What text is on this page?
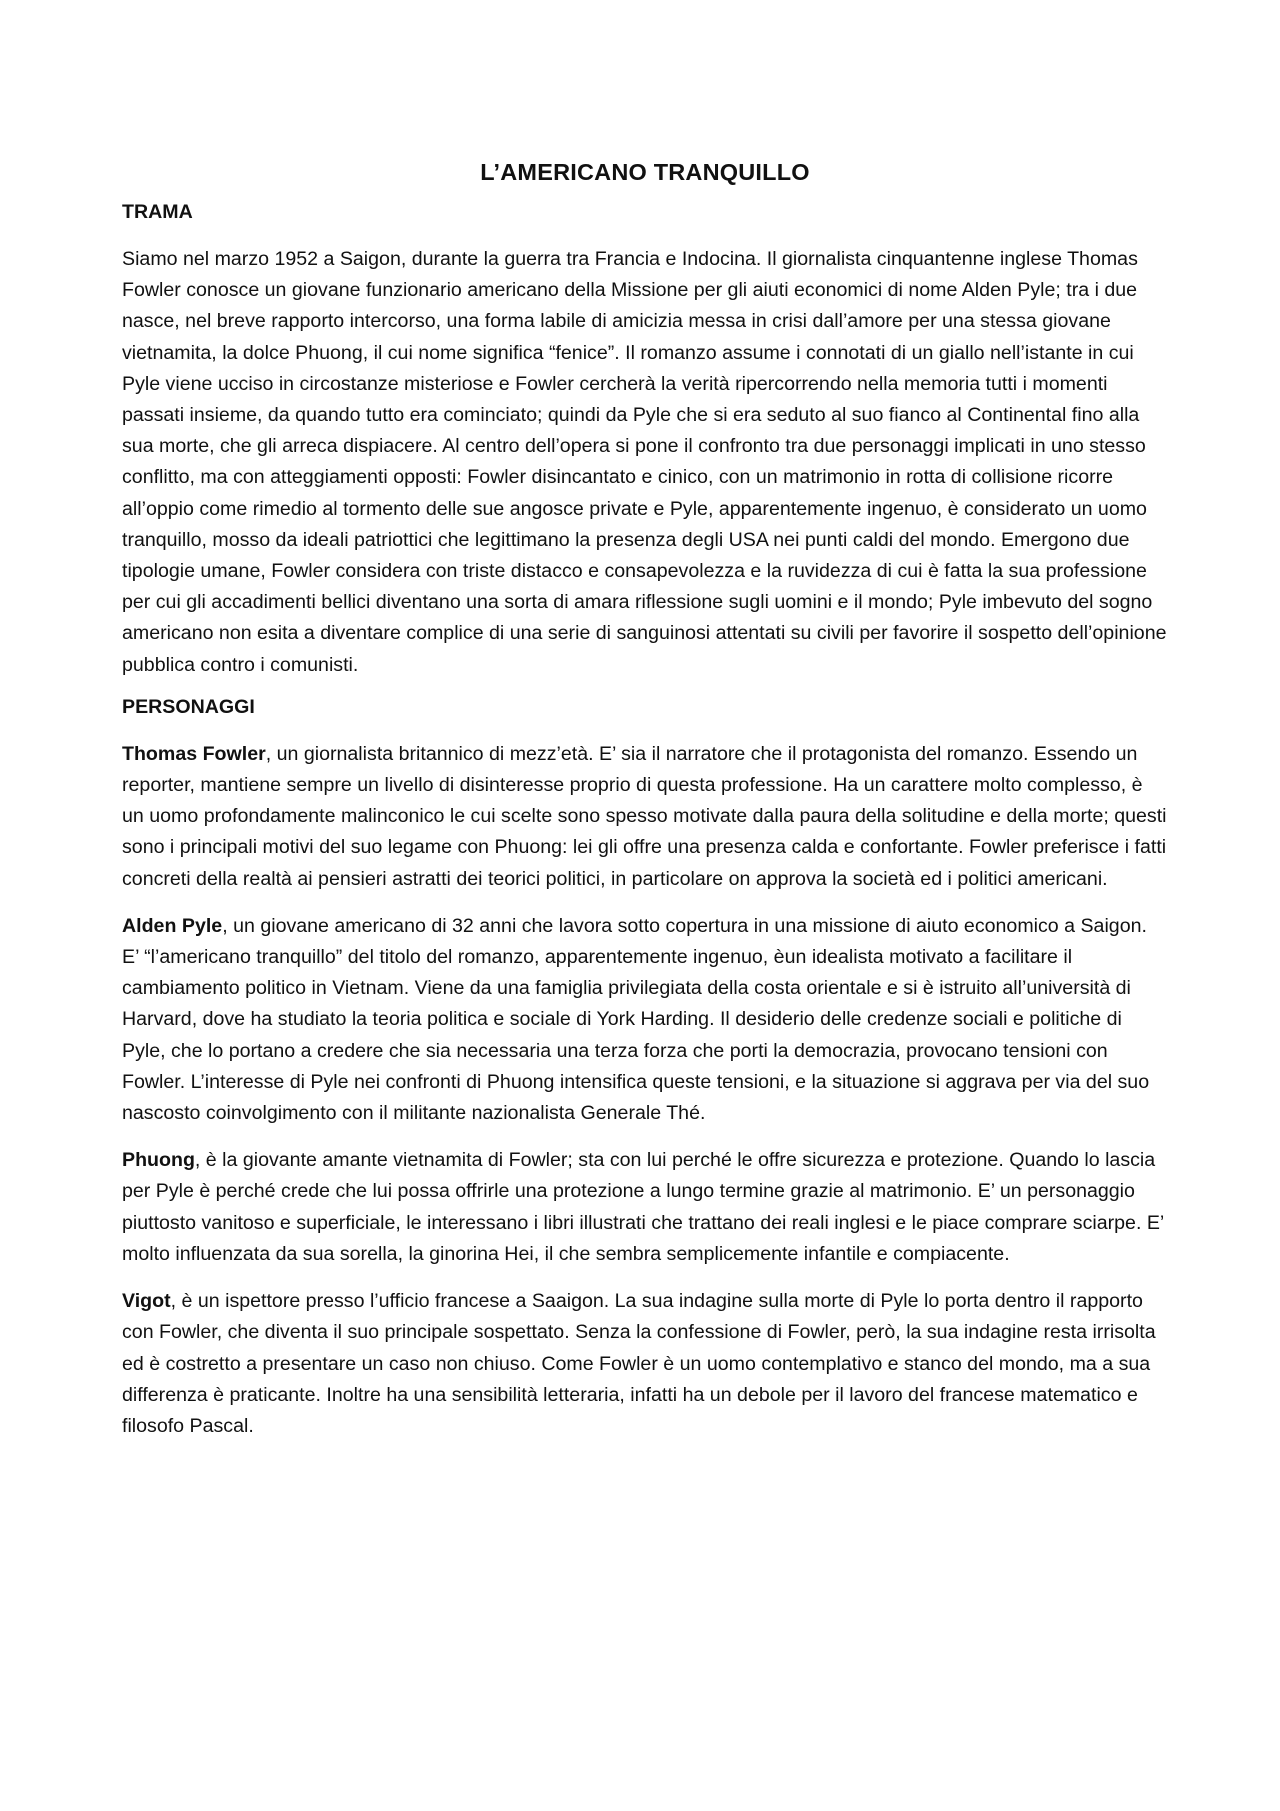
L’AMERICANO TRANQUILLO
TRAMA

Siamo nel marzo 1952 a Saigon, durante la guerra tra Francia e Indocina. Il giornalista cinquantenne inglese Thomas Fowler conosce un giovane funzionario americano della Missione per gli aiuti economici di nome Alden Pyle; tra i due nasce, nel breve rapporto intercorso, una forma labile di amicizia messa in crisi dall’amore per una stessa giovane vietnamita, la dolce Phuong, il cui nome significa “fenice”. Il romanzo assume i connotati di un giallo nell’istante in cui Pyle viene ucciso in circostanze misteriose e Fowler cercherà la verità ripercorrendo nella memoria tutti i momenti passati insieme, da quando tutto era cominciato; quindi da Pyle che si era seduto al suo fianco al Continental fino alla sua morte, che gli arreca dispiacere. Al centro dell’opera si pone il confronto tra due personaggi implicati in uno stesso conflitto, ma con atteggiamenti opposti: Fowler disincantato e cinico, con un matrimonio in rotta di collisione ricorre all’oppio come rimedio al tormento delle sue angosce private e Pyle, apparentemente ingenuo, è considerato un uomo tranquillo, mosso da ideali patriottici che legittimano la presenza degli USA nei punti caldi del mondo. Emergono due tipologie umane, Fowler considera con triste distacco e consapevolezza e la ruvidezza di cui è fatta la sua professione per cui gli accadimenti bellici diventano una sorta di amara riflessione sugli uomini e il mondo; Pyle imbevuto del sogno americano non esita a diventare complice di una serie di sanguinosi attentati su civili per favorire il sospetto dell’opinione pubblica contro i comunisti.

PERSONAGGI

Thomas Fowler, un giornalista britannico di mezz’età. E’ sia il narratore che il protagonista del romanzo. Essendo un reporter, mantiene sempre un livello di disinteresse proprio di questa professione. Ha un carattere molto complesso, è un uomo profondamente malinconico le cui scelte sono spesso motivate dalla paura della solitudine e della morte; questi sono i principali motivi del suo legame con Phuong: lei gli offre una presenza calda e confortante. Fowler preferisce i fatti concreti della realtà ai pensieri astratti dei teorici politici, in particolare on approva la società ed i politici americani.

Alden Pyle, un giovane americano di 32 anni che lavora sotto copertura in una missione di aiuto economico a Saigon. E’ “l’americano tranquillo” del titolo del romanzo, apparentemente ingenuo, èun idealista motivato a facilitare il cambiamento politico in Vietnam. Viene da una famiglia privilegiata della costa orientale e si è istruito all’università di Harvard, dove ha studiato la teoria politica e sociale di York Harding. Il desiderio delle credenze sociali e politiche di Pyle, che lo portano a credere che sia necessaria una terza forza che porti la democrazia, provocano tensioni con Fowler. L’interesse di Pyle nei confronti di Phuong intensifica queste tensioni, e la situazione si aggrava per via del suo nascosto coinvolgimento con il militante nazionalista Generale Thé.

Phuong, è la giovante amante vietnamita di Fowler; sta con lui perché le offre sicurezza e protezione. Quando lo lascia per Pyle è perché crede che lui possa offrirle una protezione a lungo termine grazie al matrimonio. E’ un personaggio piuttosto vanitoso e superficiale, le interessano i libri illustrati che trattano dei reali inglesi e le piace comprare sciarpe. E’ molto influenzata da sua sorella, la ginorina Hei, il che sembra semplicemente infantile e compiacente.

Vigot, è un ispettore presso l’ufficio francese a Saaigon. La sua indagine sulla morte di Pyle lo porta dentro il rapporto con Fowler, che diventa il suo principale sospettato. Senza la confessione di Fowler, però, la sua indagine resta irrisolta ed è costretto a presentare un caso non chiuso. Come Fowler è un uomo contemplativo e stanco del mondo, ma a sua differenza è praticante. Inoltre ha una sensibilità letteraria, infatti ha un debole per il lavoro del francese matematico e filosofo Pascal.
